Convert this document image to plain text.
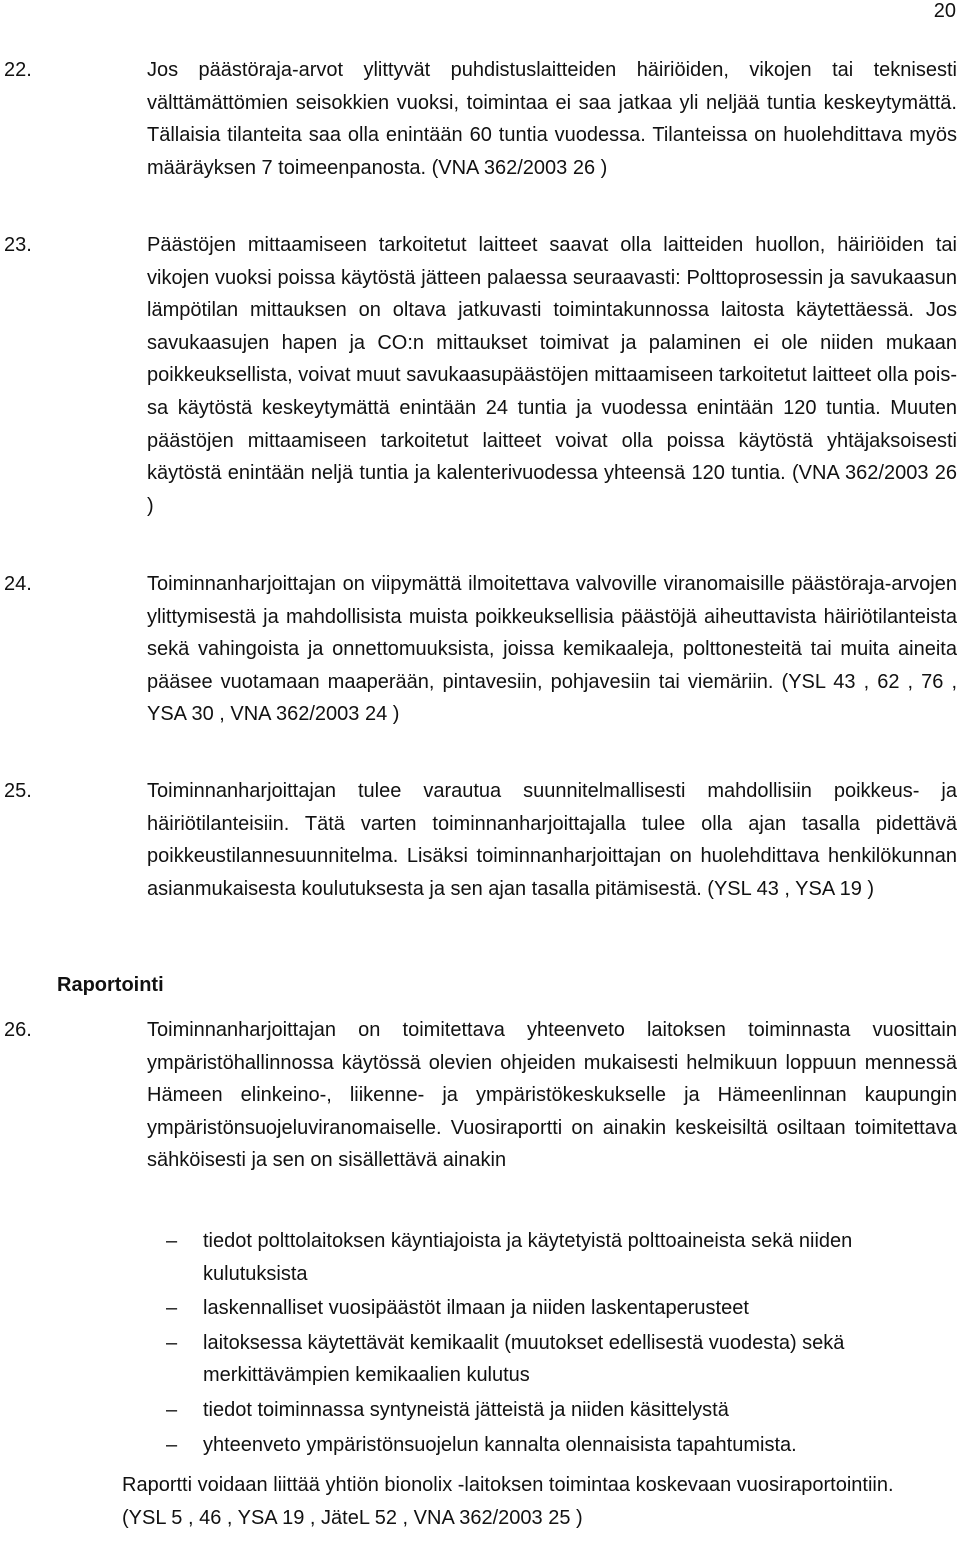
20
22.	Jos päästöraja-arvot ylittyvät puhdistuslaitteiden häiriöiden, vikojen tai teknisesti välttämättömien seisokkien vuoksi, toimintaa ei saa jatkaa yli neljää tuntia keskeytymättä. Tällaisia tilanteita saa olla enintään 60 tuntia vuodessa. Tilanteissa on huolehdittava myös määräyksen 7 toimeenpanosta. (VNA 362/2003 26 )
23.	Päästöjen mittaamiseen tarkoitetut laitteet saavat olla laitteiden huollon, häiriöiden tai vikojen vuoksi poissa käytöstä jätteen palaessa seuraavasti: Polttoprosessin ja savukaasun lämpötilan mittauksen on oltava jatkuvasti toimintakunnossa laitosta käytettäessä. Jos savukaasujen hapen ja CO:n mittaukset toimivat ja palaminen ei ole niiden mukaan poikkeuksellista, voivat muut savukaasupäästöjen mittaamiseen tarkoitetut laitteet olla poissa käytöstä keskeytymättä enintään 24 tuntia ja vuodessa enintään 120 tuntia. Muuten päästöjen mittaamiseen tarkoitetut laitteet voivat olla poissa käytöstä yhtäjaksoisesti käytöstä enintään neljä tuntia ja kalenterivuodessa yhteensä 120 tuntia. (VNA 362/2003 26 )
24.	Toiminnanharjoittajan on viipymättä ilmoitettava valvoville viranomaisille päästöraja-arvojen ylittymisestä ja mahdollisista muista poikkeuksellisia päästöjä aiheuttavista häiriötilanteista sekä vahingoista ja onnettomuuksista, joissa kemikaaleja, polttonesteitä tai muita aineita pääsee vuotamaan maaperään, pintavesiin, pohjavesiin tai viemäriin. (YSL 43 , 62 , 76 , YSA 30 , VNA 362/2003 24 )
25.	Toiminnanharjoittajan tulee varautua suunnitelmallisesti mahdollisiin poikkeus- ja häiriötilanteisiin. Tätä varten toiminnanharjoittajalla tulee olla ajan tasalla pidettävä poikkeustilannesuunnitelma. Lisäksi toiminnanharjoittajan on huolehdittava henkilökunnan asianmukaisesta koulutuksesta ja sen ajan tasalla pitämisestä. (YSL 43 , YSA 19 )
Raportointi
26.	Toiminnanharjoittajan on toimitettava yhteenveto laitoksen toiminnasta vuosittain ympäristöhallinnossa käytössä olevien ohjeiden mukaisesti helmikuun loppuun mennessä Hämeen elinkeino-, liikenne- ja ympäristökeskukselle ja Hämeenlinnan kaupungin ympäristönsuojeluviranomaiselle. Vuosiraportti on ainakin keskeisiltä osiltaan toimitettava sähköisesti ja sen on sisällettävä ainakin
– tiedot polttolaitoksen käyntiajoista ja käytetyistä polttoaineista sekä niiden kulutuksista
– laskennalliset vuosipäästöt ilmaan ja niiden laskentaperusteet
– laitoksessa käytettävät kemikaalit (muutokset edellisestä vuodesta) sekä merkittävämpien kemikaalien kulutus
– tiedot toiminnassa syntyneistä jätteistä ja niiden käsittelystä
– yhteenveto ympäristönsuojelun kannalta olennaisista tapahtumista.
Raportti voidaan liittää yhtiön bionolix -laitoksen toimintaa koskevaan vuosiraportointiin.
(YSL 5 , 46 , YSA 19 , JäteL 52 , VNA 362/2003 25 )
